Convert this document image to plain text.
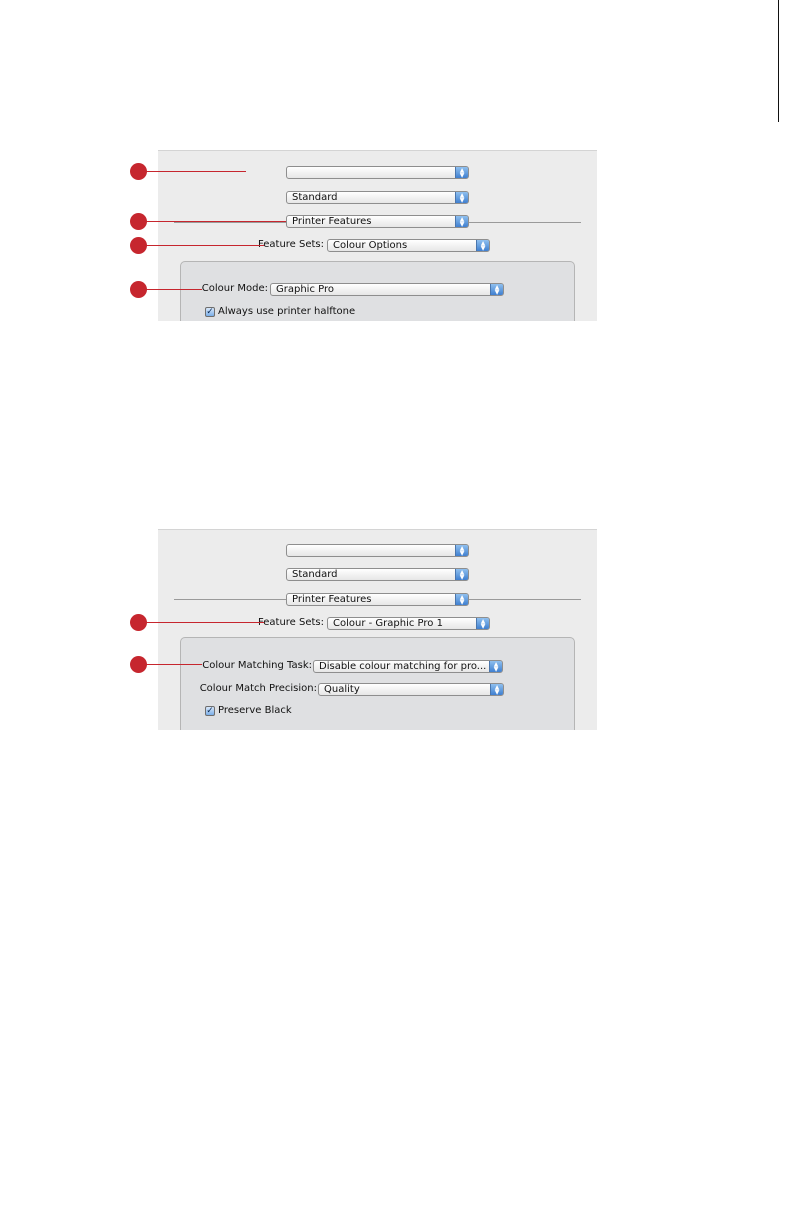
▲
▼
Standard	▲
▼
Printer Features	▲
▼
Feature Sets: Colour Options	▲
▼
Colour Mode: Graphic Pro	▲
▼
✓ Always use printer halftone
▲
▼
Standard	▲
▼
Printer Features	▲
▼
Feature Sets: Colour - Graphic Pro 1	▲
▼
Colour Matching Task: Disable colour matching for pro...	▲
▼
Colour Match Precision: Quality	▲
▼
✓ Preserve Black
